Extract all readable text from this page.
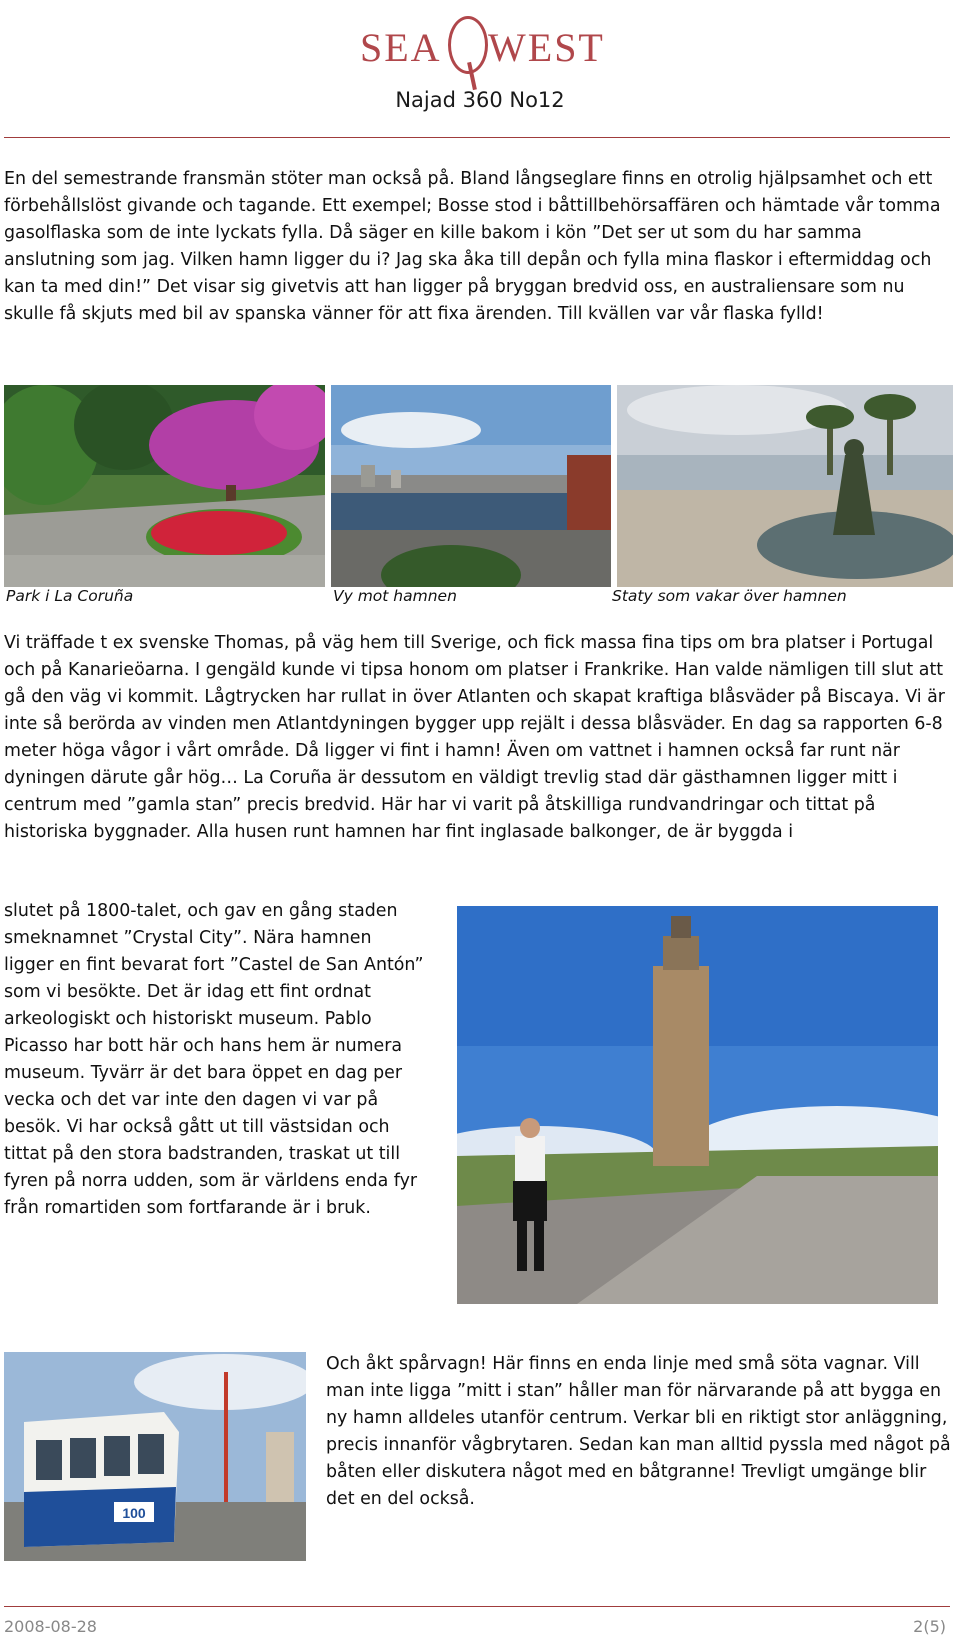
SEA WEST
Najad 360 No12

En del semestrande fransmän stöter man också på. Bland långseglare finns en otrolig hjälpsamhet och ett förbehållslöst givande och tagande. Ett exempel; Bosse stod i båttillbehörsaffären och hämtade vår tomma gasolflaska som de inte lyckats fylla. Då säger en kille bakom i kön ”Det ser ut som du har samma anslutning som jag. Vilken hamn ligger du i? Jag ska åka till depån och fylla mina flaskor i eftermiddag och kan ta med din!” Det visar sig givetvis att han ligger på bryggan bredvid oss, en australiensare som nu skulle få skjuts med bil av spanska vänner för att fixa ärenden. Till kvällen var vår flaska fylld!

Park i La Coruña	Vy mot hamnen	Staty som vakar över hamnen

Vi träffade t ex svenske Thomas, på väg hem till Sverige, och fick massa fina tips om bra platser i Portugal och på Kanarieöarna. I gengäld kunde vi tipsa honom om platser i Frankrike. Han valde nämligen till slut att gå den väg vi kommit. Lågtrycken har rullat in över Atlanten och skapat kraftiga blåsväder på Biscaya. Vi är inte så berörda av vinden men Atlantdyningen bygger upp rejält i dessa blåsväder. En dag sa rapporten 6-8 meter höga vågor i vårt område. Då ligger vi fint i hamn! Även om vattnet i hamnen också far runt när dyningen därute går hög… La Coruña är dessutom en väldigt trevlig stad där gästhamnen ligger mitt i centrum med ”gamla stan” precis bredvid. Här har vi varit på åtskilliga rundvandringar och tittat på historiska byggnader. Alla husen runt hamnen har fint inglasade balkonger, de är byggda i

slutet på 1800-talet, och gav en gång staden smeknamnet ”Crystal City”. Nära hamnen ligger en fint bevarat fort ”Castel de San Antón” som vi besökte. Det är idag ett fint ordnat arkeologiskt och historiskt museum. Pablo Picasso har bott här och hans hem är numera museum. Tyvärr är det bara öppet en dag per vecka och det var inte den dagen vi var på besök. Vi har också gått ut till västsidan och tittat på den stora badstranden, traskat ut till fyren på norra udden, som är världens enda fyr från romartiden som fortfarande är i bruk.

100

Och åkt spårvagn! Här finns en enda linje med små söta vagnar. Vill man inte ligga ”mitt i stan” håller man för närvarande på att bygga en ny hamn alldeles utanför centrum. Verkar bli en riktigt stor anläggning, precis innanför vågbrytaren. Sedan kan man alltid pyssla med något på båten eller diskutera något med en båtgranne! Trevligt umgänge blir det en del också.

2008-08-28	2(5)
